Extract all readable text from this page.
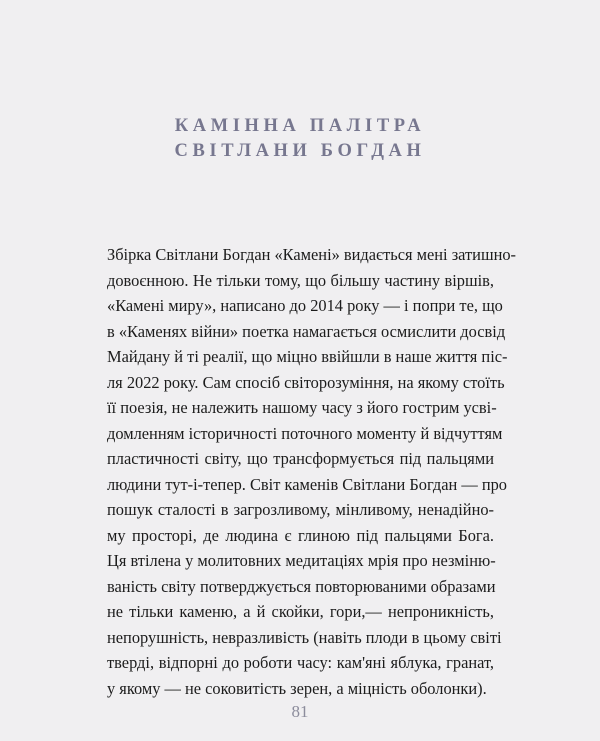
КАМІННА ПАЛІТРА
СВІТЛАНИ БОГДАН
Збірка Світлани Богдан «Камені» видається мені затишно-
довоєнною. Не тільки тому, що більшу частину віршів,
«Камені миру», написано до 2014 року — і попри те, що
в «Каменях війни» поетка намагається осмислити досвід
Майдану й ті реалії, що міцно ввійшли в наше життя піс-
ля 2022 року. Сам спосіб світорозуміння, на якому стоїть
її поезія, не належить нашому часу з його гострим усві-
домленням історичності поточного моменту й відчуттям
пластичності світу, що трансформується під пальцями
людини тут-і-тепер. Світ каменів Світлани Богдан — про
пошук сталості в загрозливому, мінливому, ненадійно-
му просторі, де людина є глиною під пальцями Бога.
Ця втілена у молитовних медитаціях мрія про незміню-
ваність світу потверджується повторюваними образами
не тільки каменю, а й скойки, гори,— непроникність,
непорушність, невразливість (навіть плоди в цьому світі
тверді, відпорні до роботи часу: кам'яні яблука, гранат,
у якому — не соковитість зерен, а міцність оболонки).
81
